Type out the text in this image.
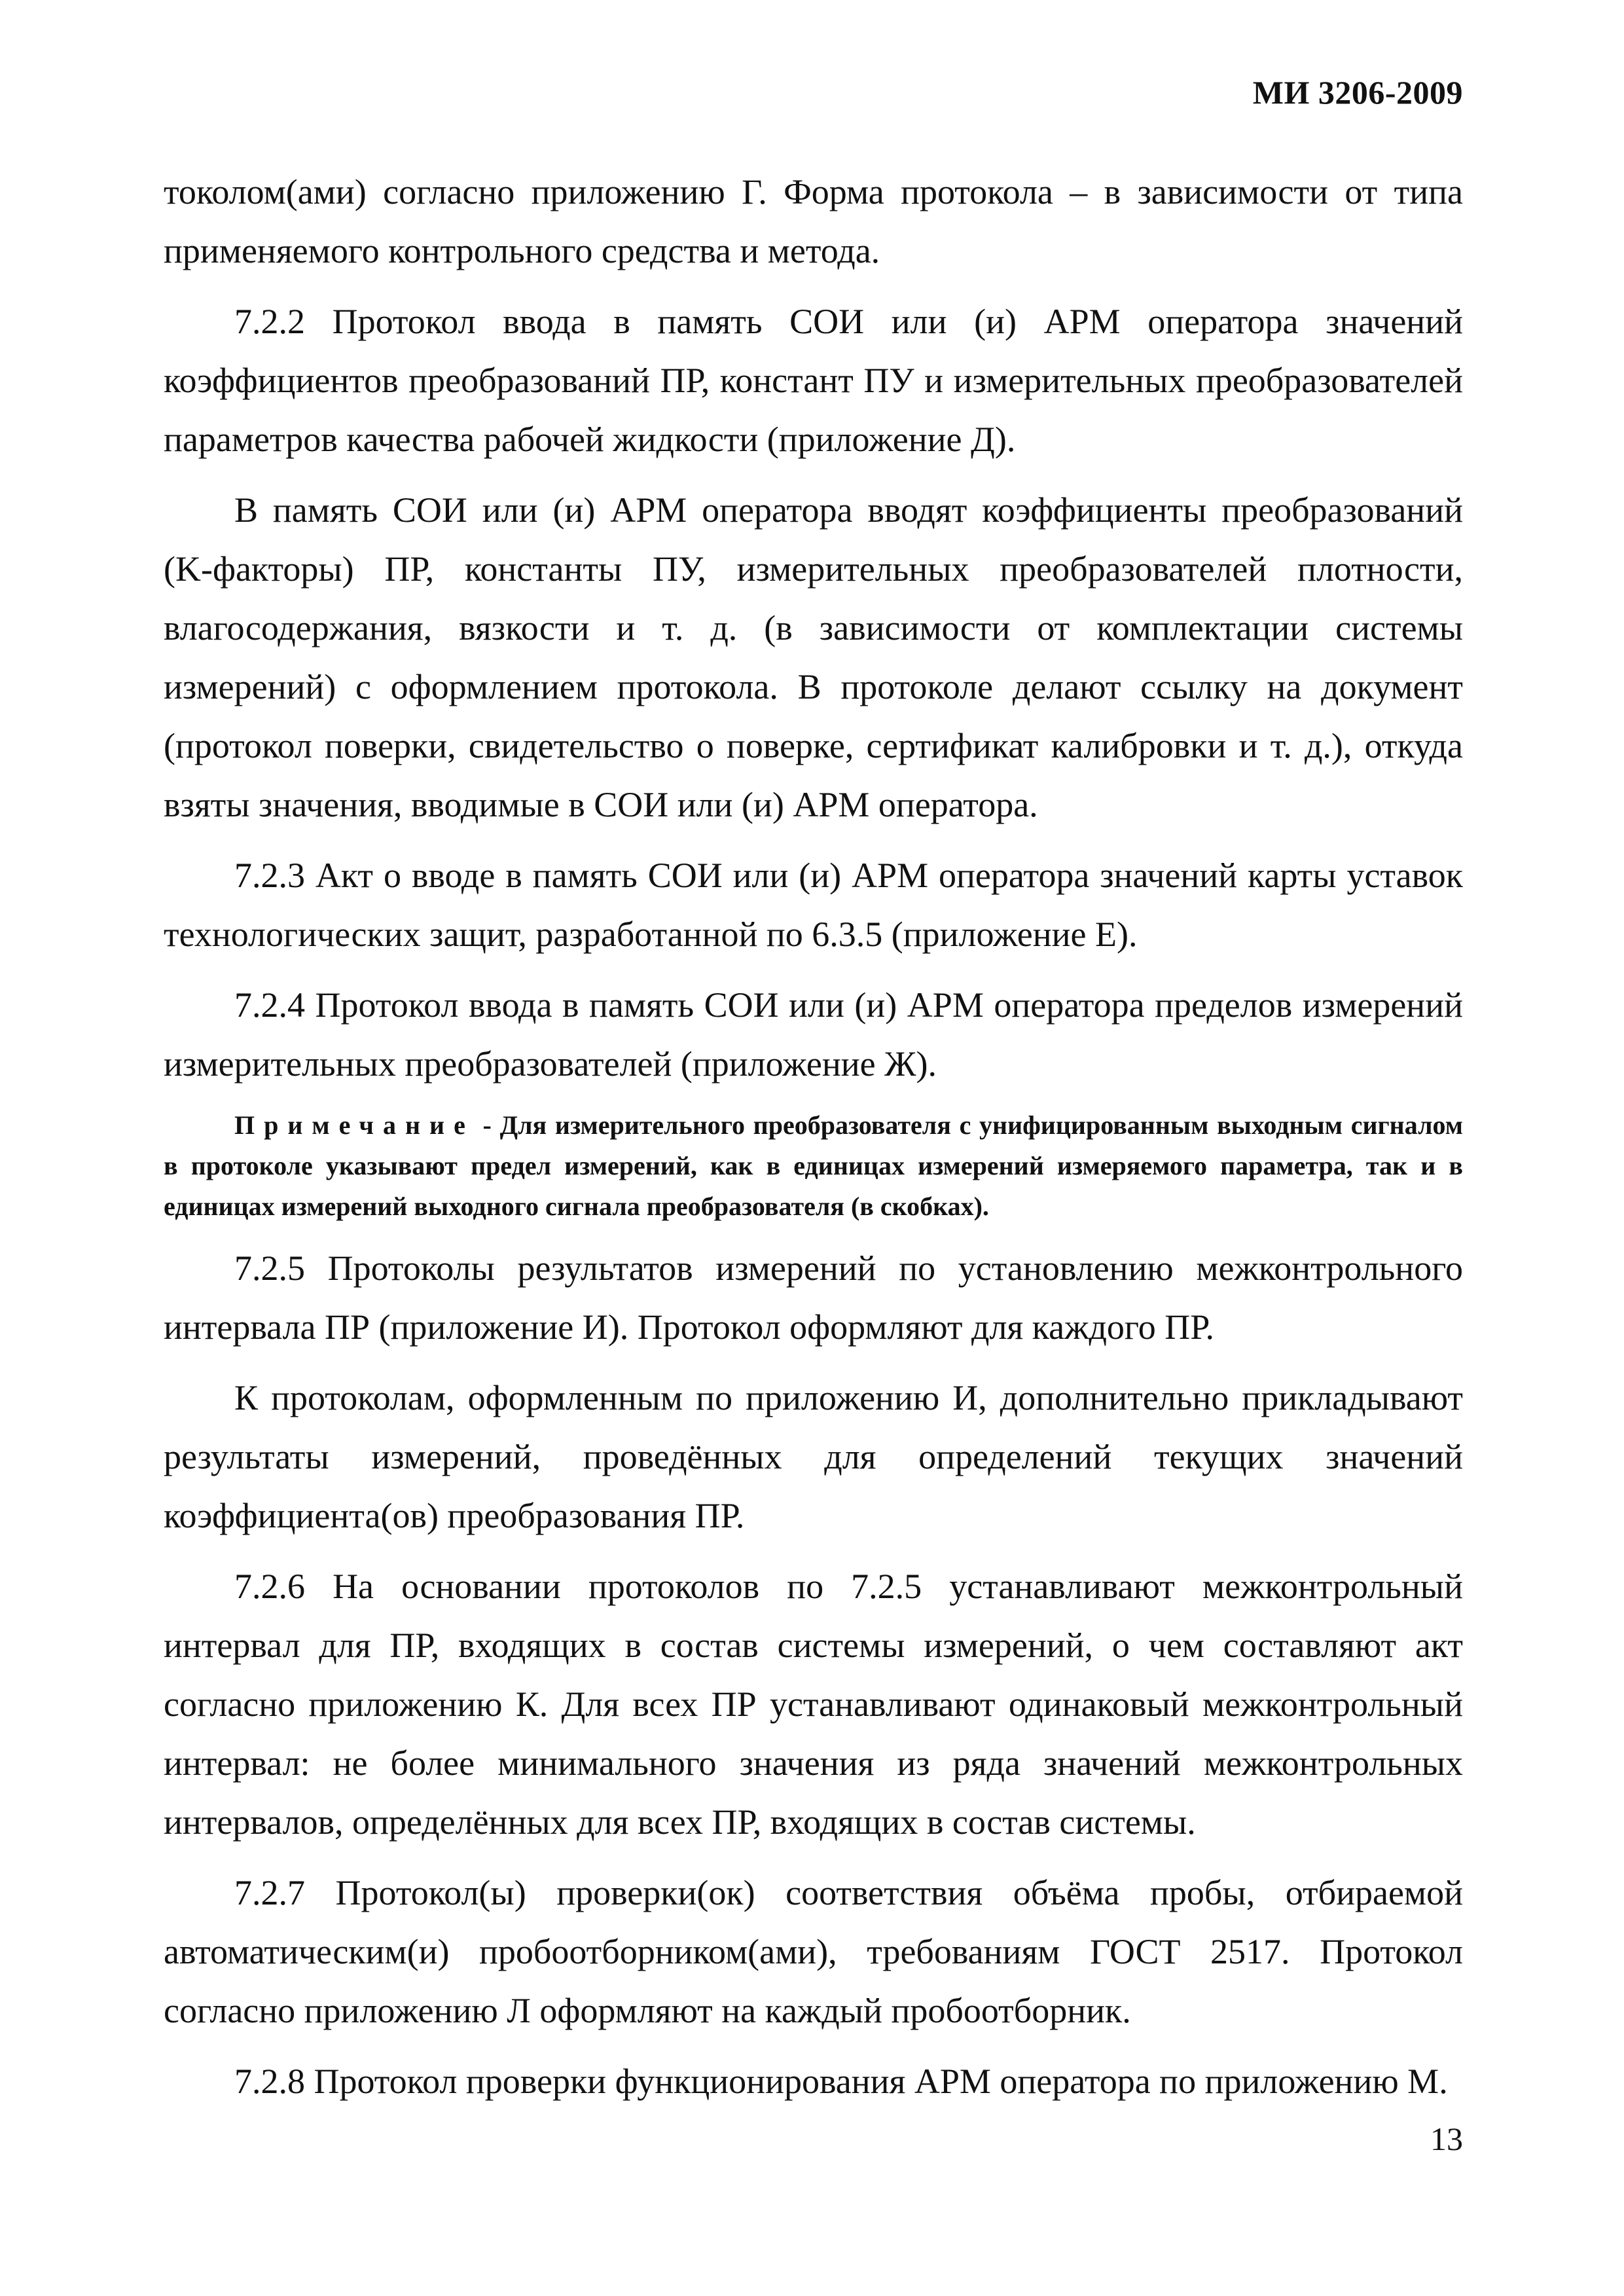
МИ 3206-2009

токолом(ами) согласно приложению Г. Форма протокола – в зависимости от типа применяемого контрольного средства и метода.

7.2.2 Протокол ввода в память СОИ или (и) АРМ оператора значений коэффициентов преобразований ПР, констант ПУ и измерительных преобразователей параметров качества рабочей жидкости (приложение Д).

В память СОИ или (и) АРМ оператора вводят коэффициенты преобразований (K-факторы) ПР, константы ПУ, измерительных преобразователей плотности, влагосодержания, вязкости и т. д. (в зависимости от комплектации системы измерений) с оформлением протокола. В протоколе делают ссылку на документ (протокол поверки, свидетельство о поверке, сертификат калибровки и т. д.), откуда взяты значения, вводимые в СОИ или (и) АРМ оператора.

7.2.3 Акт о вводе в память СОИ или (и) АРМ оператора значений карты уставок технологических защит, разработанной по 6.3.5 (приложение Е).

7.2.4 Протокол ввода в память СОИ или (и) АРМ оператора пределов измерений измерительных преобразователей (приложение Ж).

Примечание - Для измерительного преобразователя с унифицированным выходным сигналом в протоколе указывают предел измерений, как в единицах измерений измеряемого параметра, так и в единицах измерений выходного сигнала преобразователя (в скобках).

7.2.5 Протоколы результатов измерений по установлению межконтрольного интервала ПР (приложение И). Протокол оформляют для каждого ПР.

К протоколам, оформленным по приложению И, дополнительно прикладывают результаты измерений, проведённых для определений текущих значений коэффициента(ов) преобразования ПР.

7.2.6 На основании протоколов по 7.2.5 устанавливают межконтрольный интервал для ПР, входящих в состав системы измерений, о чем составляют акт согласно приложению К. Для всех ПР устанавливают одинаковый межконтрольный интервал: не более минимального значения из ряда значений межконтрольных интервалов, определённых для всех ПР, входящих в состав системы.

7.2.7 Протокол(ы) проверки(ок) соответствия объёма пробы, отбираемой автоматическим(и) пробоотборником(ами), требованиям ГОСТ 2517. Протокол согласно приложению Л оформляют на каждый пробоотборник.

7.2.8 Протокол проверки функционирования АРМ оператора по приложению М.

13
